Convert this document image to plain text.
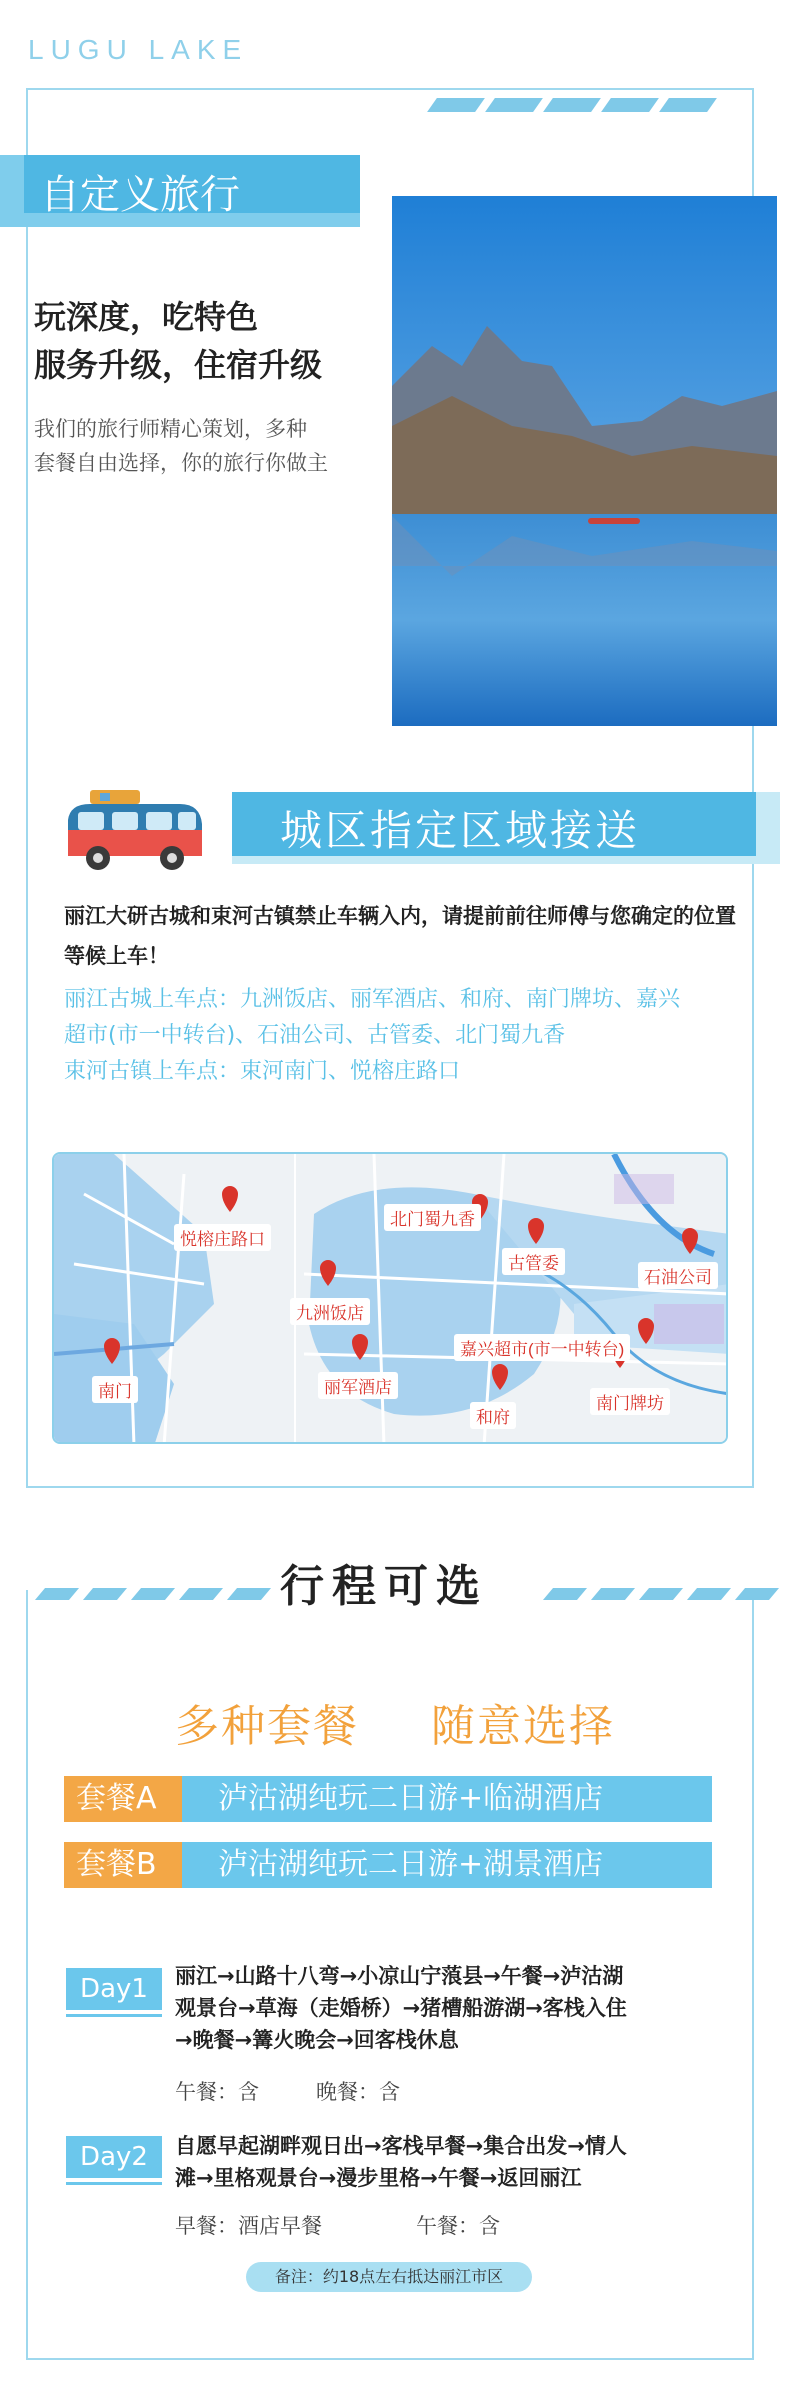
LUGU LAKE
自定义旅行
玩深度，吃特色
服务升级，住宿升级
我们的旅行师精心策划，多种
套餐自由选择，你的旅行你做主
城区指定区域接送
丽江大研古城和束河古镇禁止车辆入内，请提前前往师傅与您确定的位置等候上车！
丽江古城上车点：九洲饭店、丽军酒店、和府、南门牌坊、嘉兴
超市(市一中转台)、石油公司、古管委、北门蜀九香
束河古镇上车点：束河南门、悦榕庄路口
悦榕庄路口
南门
九洲饭店
丽军酒店
北门蜀九香
古管委
石油公司
嘉兴超市(市一中转台)
和府
南门牌坊
行程可选
多种套餐 随意选择
套餐A	泸沽湖纯玩二日游+临湖酒店
套餐B	泸沽湖纯玩二日游+湖景酒店
Day1	丽江→山路十八弯→小凉山宁蒗县→午餐→泸沽湖
观景台→草海（走婚桥）→猪槽船游湖→客栈入住
→晚餐→篝火晚会→回客栈休息
午餐：含	晚餐：含
Day2	自愿早起湖畔观日出→客栈早餐→集合出发→情人
滩→里格观景台→漫步里格→午餐→返回丽江
早餐：酒店早餐	午餐：含
备注：约18点左右抵达丽江市区
